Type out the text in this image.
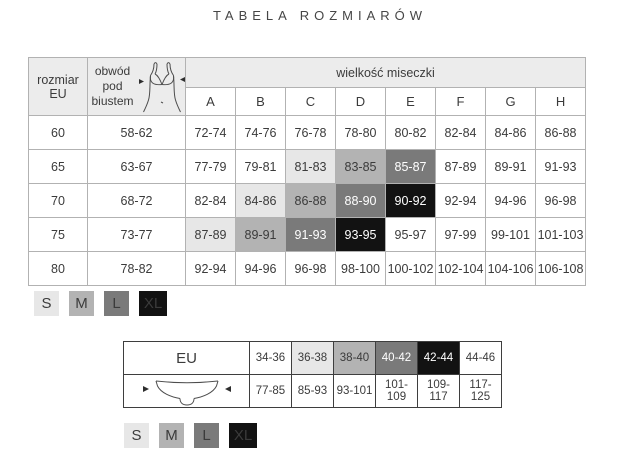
TABELA ROZMIARÓW
rozmiar EU	obwód pod biustem	wielkość miseczki							
		A	B	C	D	E	F	G	H
60	58-62	72-74	74-76	76-78	78-80	80-82	82-84	84-86	86-88
65	63-67	77-79	79-81	81-83	83-85	85-87	87-89	89-91	91-93
70	68-72	82-84	84-86	86-88	88-90	90-92	92-94	94-96	96-98
75	73-77	87-89	89-91	91-93	93-95	95-97	97-99	99-101	101-103
80	78-82	92-94	94-96	96-98	98-100	100-102	102-104	104-106	106-108
S	M	L	XL
EU	34-36	36-38	38-40	40-42	42-44	44-46

	77-85	85-93	93-101	101-109	109-117	117-125
S	M	L	XL
